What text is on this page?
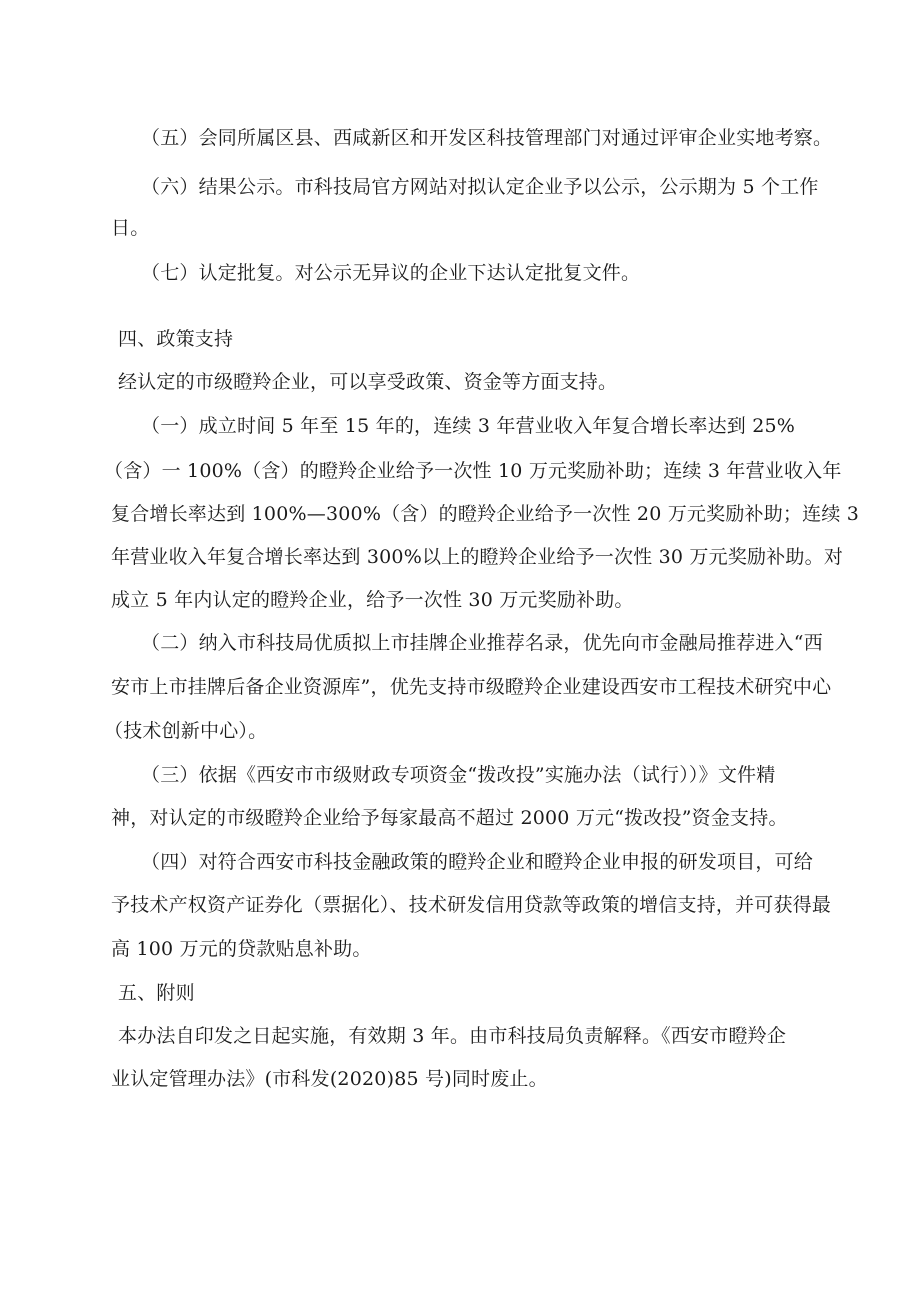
（五）会同所属区县、西咸新区和开发区科技管理部门对通过评审企业实地考察。

（六）结果公示。市科技局官方网站对拟认定企业予以公示，公示期为 5 个工作

日。

（七）认定批复。对公示无异议的企业下达认定批复文件。

四、政策支持

经认定的市级瞪羚企业，可以享受政策、资金等方面支持。

（一）成立时间 5 年至 15 年的，连续 3 年营业收入年复合增长率达到 25%

（含）一 100%（含）的瞪羚企业给予一次性 10 万元奖励补助；连续 3 年营业收入年

复合增长率达到 100%—300%（含）的瞪羚企业给予一次性 20 万元奖励补助；连续 3

年营业收入年复合增长率达到 300%以上的瞪羚企业给予一次性 30 万元奖励补助。对

成立 5 年内认定的瞪羚企业，给予一次性 30 万元奖励补助。

（二）纳入市科技局优质拟上市挂牌企业推荐名录，优先向市金融局推荐进入“西

安市上市挂牌后备企业资源库”，优先支持市级瞪羚企业建设西安市工程技术研究中心

（技术创新中心）。

（三）依据《西安市市级财政专项资金“拨改投”实施办法（试行））》文件精

神，对认定的市级瞪羚企业给予每家最高不超过 2000 万元“拨改投”资金支持。

（四）对符合西安市科技金融政策的瞪羚企业和瞪羚企业申报的研发项目，可给

予技术产权资产证券化（票据化）、技术研发信用贷款等政策的增信支持，并可获得最

高 100 万元的贷款贴息补助。

五、附则

本办法自印发之日起实施，有效期 3 年。由市科技局负责解释。《西安市瞪羚企

业认定管理办法》(市科发(2020)85 号)同时废止。
